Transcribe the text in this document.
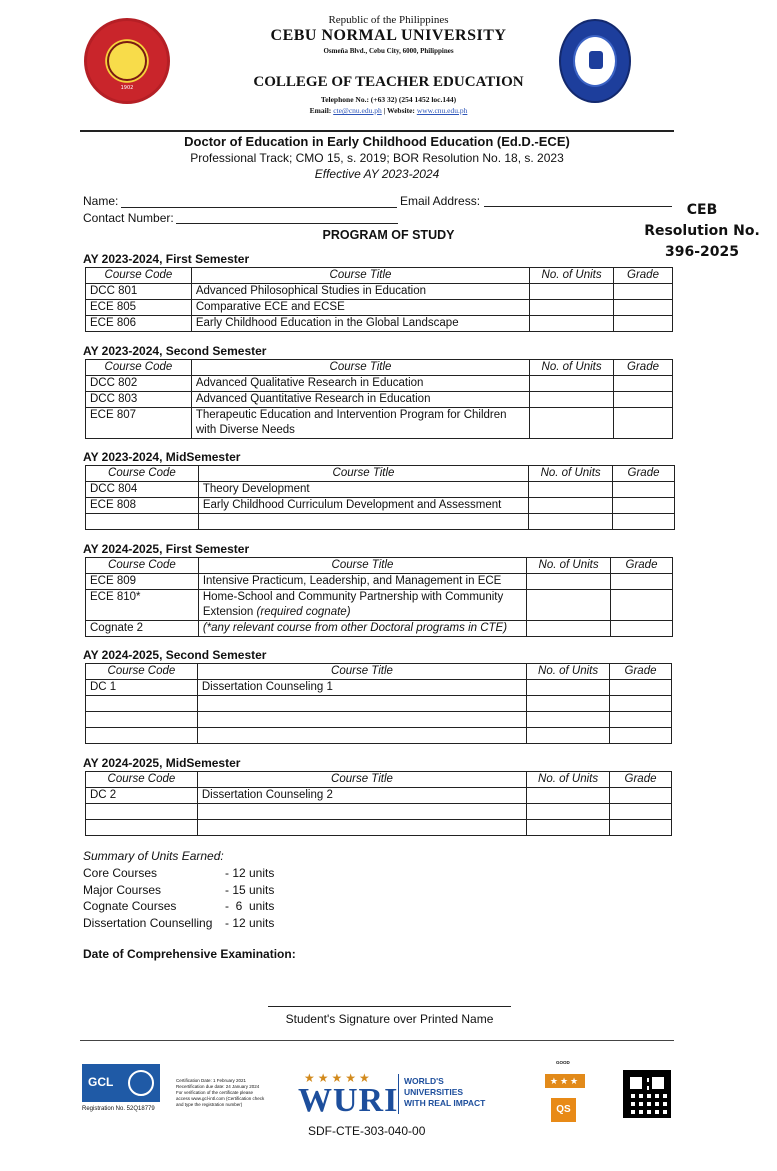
1902
Republic of the Philippines
CEBU NORMAL UNIVERSITY
Osmeña Blvd., Cebu City, 6000, Philippines
COLLEGE OF TEACHER EDUCATION
Telephone No.: (+63 32) (254 1452 loc.144)
Email: cte@cnu.edu.ph | Website: www.cnu.edu.ph
Doctor of Education in Early Childhood Education (Ed.D.-ECE)
Professional Track; CMO 15, s. 2019; BOR Resolution No. 18, s. 2023
Effective AY 2023-2024
Name:	Email Address:
Contact Number:	CEB
Resolution No.
396-2025
PROGRAM OF STUDY
AY 2023-2024, First Semester
Course Code	Course Title	No. of Units	Grade
DCC 801	Advanced Philosophical Studies in Education		
ECE 805	Comparative ECE and ECSE		
ECE 806	Early Childhood Education in the Global Landscape		
AY 2023-2024, Second Semester
Course Code	Course Title	No. of Units	Grade
DCC 802	Advanced Qualitative Research in Education		
DCC 803	Advanced Quantitative Research in Education		
ECE 807	Therapeutic Education and Intervention Program for Children
with Diverse Needs		

AY 2023-2024, MidSemester
Course Code	Course Title	No. of Units	Grade
DCC 804	Theory Development		
ECE 808	Early Childhood Curriculum Development and Assessment		

AY 2024-2025, First Semester
Course Code	Course Title	No. of Units	Grade
ECE 809	Intensive Practicum, Leadership, and Management in ECE		
ECE 810*	Home-School and Community Partnership with Community
Extension (required cognate)		

Cognate 2	(*any relevant course from other Doctoral programs in CTE)		
AY 2024-2025, Second Semester
Course Code	Course Title	No. of Units	Grade
DC 1	Dissertation Counseling 1		

AY 2024-2025, MidSemester
Course Code	Course Title	No. of Units	Grade
DC 2	Dissertation Counseling 2		

Summary of Units Earned:
Core Courses	- 12 units
Major Courses	- 15 units
Cognate Courses	-  6  units
Dissertation Counselling	- 12 units
Date of Comprehensive Examination:
Student's Signature over Printed Name
GCL
Registration No. 52Q18779
Certification Date: 1 February 2021 Recertification due date: 24 January 2024 For verification of the certificate please access www.gcl-intl.com (Certification check and type the registration number)
★★★★★
WURI
WORLD'S
UNIVERSITIES
WITH REAL IMPACT
SDF-CTE-303-040-00
GOOD
★★★
QS
